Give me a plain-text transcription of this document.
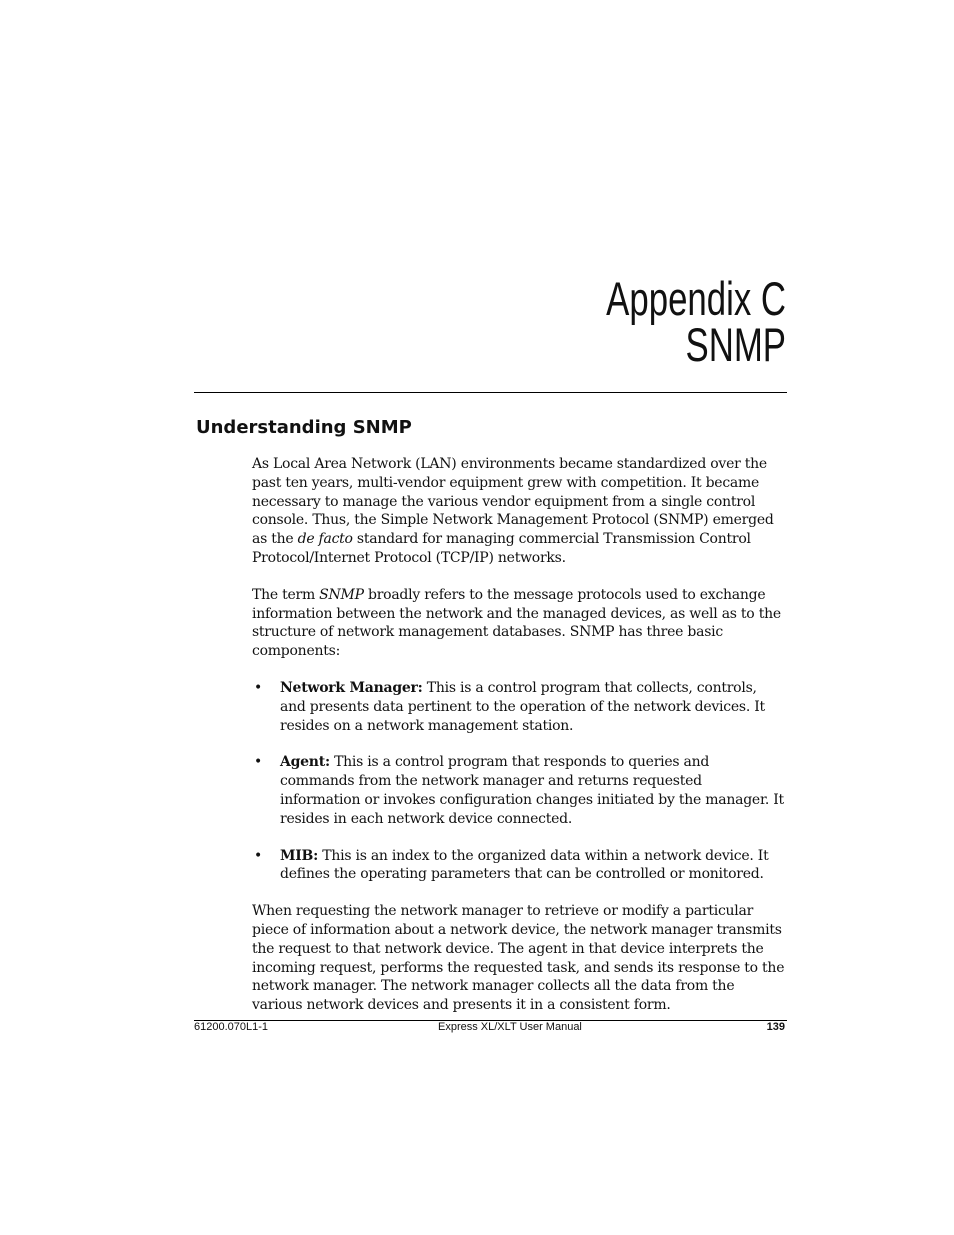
Appendix C
SNMP
Understanding SNMP

As Local Area Network (LAN) environments became standardized over the past ten years, multi-vendor equipment grew with competition. It became necessary to manage the various vendor equipment from a single control console. Thus, the Simple Network Management Protocol (SNMP) emerged as the de facto standard for managing commercial Transmission Control Protocol/Internet Protocol (TCP/IP) networks.

The term SNMP broadly refers to the message protocols used to exchange information between the network and the managed devices, as well as to the structure of network management databases. SNMP has three basic components:

• Network Manager: This is a control program that collects, controls, and presents data pertinent to the operation of the network devices. It resides on a network management station.
• Agent: This is a control program that responds to queries and commands from the network manager and returns requested information or invokes configuration changes initiated by the manager. It resides in each network device connected.
• MIB: This is an index to the organized data within a network device. It defines the operating parameters that can be controlled or monitored.

When requesting the network manager to retrieve or modify a particular piece of information about a network device, the network manager transmits the request to that network device. The agent in that device interprets the incoming request, performs the requested task, and sends its response to the network manager. The network manager collects all the data from the various network devices and presents it in a consistent form.

61200.070L1-1	Express XL/XLT User Manual	139
